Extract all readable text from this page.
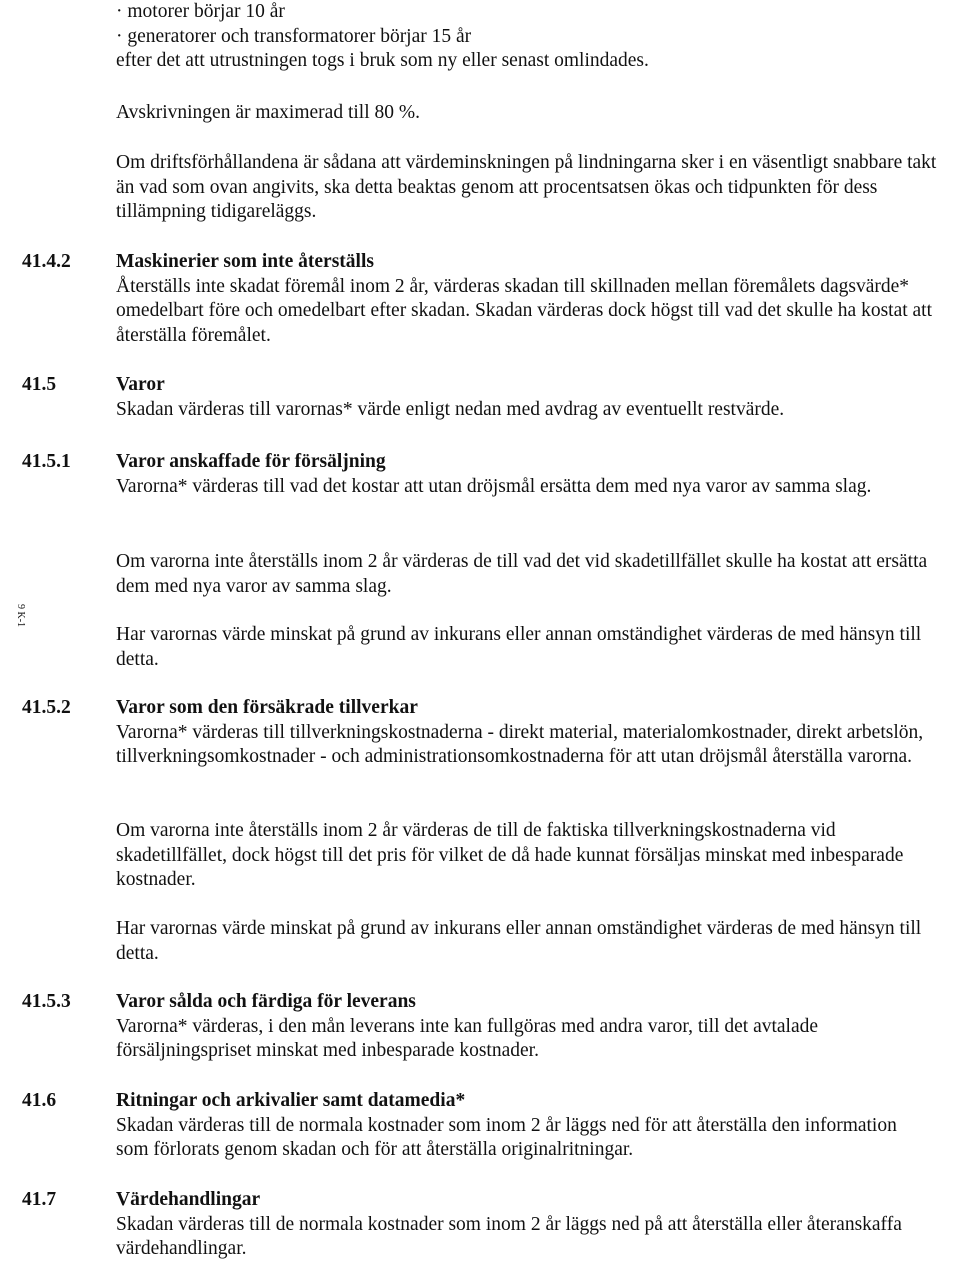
· motorer börjar 10 år
· generatorer och transformatorer börjar 15 år
efter det att utrustningen togs i bruk som ny eller senast omlindades.
Avskrivningen är maximerad till 80 %.
Om driftsförhållandena är sådana att värdeminskningen på lindningarna sker i en väsentligt snabbare takt än vad som ovan angivits, ska detta beaktas genom att procentsatsen ökas och tidpunkten för dess tillämpning tidigareläggs.
41.4.2 Maskinerier som inte återställs
Återställs inte skadat föremål inom 2 år, värderas skadan till skillnaden mellan föremålets dagsvärde* omedelbart före och omedelbart efter skadan. Skadan värderas dock högst till vad det skulle ha kostat att återställa föremålet.
41.5	Varor
Skadan värderas till varornas* värde enligt nedan med avdrag av eventuellt restvärde.
41.5.1 Varor anskaffade för försäljning
Varorna* värderas till vad det kostar att utan dröjsmål ersätta dem med nya varor av samma slag.
Om varorna inte återställs inom 2 år värderas de till vad det vid skadetillfället skulle ha kostat att ersätta dem med nya varor av samma slag.
Har varornas värde minskat på grund av inkurans eller annan omständighet värderas de med hänsyn till detta.
41.5.2 Varor som den försäkrade tillverkar
Varorna* värderas till tillverkningskostnaderna - direkt material, materialomkostnader, direkt arbetslön, tillverkningsomkostnader - och administrationsomkostnaderna för att utan dröjsmål återställa varorna.
Om varorna inte återställs inom 2 år värderas de till de faktiska tillverkningskostnaderna vid skadetillfället, dock högst till det pris för vilket de då hade kunnat försäljas minskat med inbesparade kostnader.
Har varornas värde minskat på grund av inkurans eller annan omständighet värderas de med hänsyn till detta.
41.5.3 Varor sålda och färdiga för leverans
Varorna* värderas, i den mån leverans inte kan fullgöras med andra varor, till det avtalade försäljningspriset minskat med inbesparade kostnader.
41.6	Ritningar och arkivalier samt datamedia*
Skadan värderas till de normala kostnader som inom 2 år läggs ned för att återställa den information som förlorats genom skadan och för att återställa originalritningar.
41.7	Värdehandlingar
Skadan värderas till de normala kostnader som inom 2 år läggs ned på att återställa eller återanskaffa värdehandlingar.
9 K-1
